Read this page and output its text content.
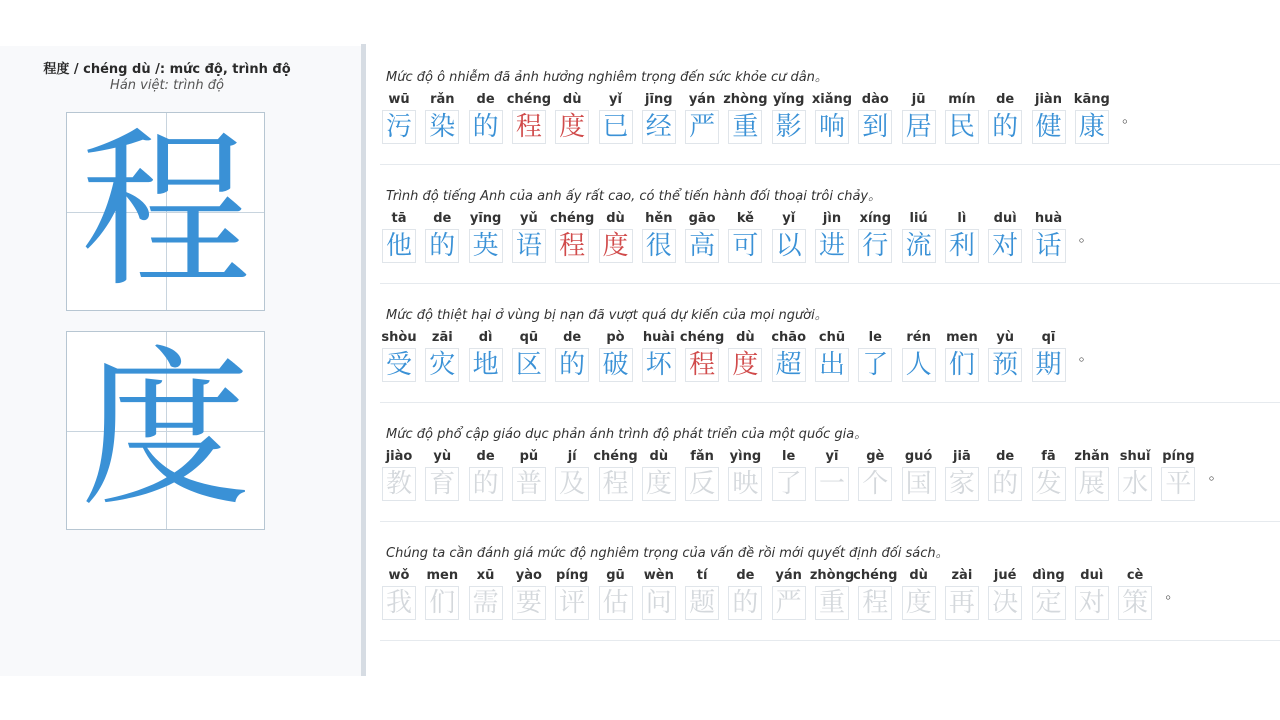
程度 / chéng dù /: mức độ, trình độ
Hán việt: trình độ
程
度
Mức độ ô nhiễm đã ảnh hưởng nghiêm trọng đến sức khỏe cư dân。
wū
污
rǎn
染
de
的
chéng
程
dù
度
yǐ
已
jīng
经
yán
严
zhòng
重
yǐng
影
xiǎng
响
dào
到
jū
居
mín
民
de
的
jiàn
健
kāng
康 。
Trình độ tiếng Anh của anh ấy rất cao, có thể tiến hành đối thoại trôi chảy。
tā
他
de
的
yīng
英
yǔ
语
chéng
程
dù
度
hěn
很
gāo
高
kě
可
yǐ
以
jìn
进
xíng
行
liú
流
lì
利
duì
对
huà
话 。
Mức độ thiệt hại ở vùng bị nạn đã vượt quá dự kiến của mọi người。
shòu
受
zāi
灾
dì
地
qū
区
de
的
pò
破
huài
坏
chéng
程
dù
度
chāo
超
chū
出
le
了
rén
人
men
们
yù
预
qī
期 。
Mức độ phổ cập giáo dục phản ánh trình độ phát triển của một quốc gia。
jiào
教
yù
育
de
的
pǔ
普
jí
及
chéng
程
dù
度
fǎn
反
yìng
映
le
了
yī
一
gè
个
guó
国
jiā
家
de
的
fā
发
zhǎn
展
shuǐ
水
píng
平 。
Chúng ta cần đánh giá mức độ nghiêm trọng của vấn đề rồi mới quyết định đối sách。
wǒ
我
men
们
xū
需
yào
要
píng
评
gū
估
wèn
问
tí
题
de
的
yán
严
zhòng
重
chéng
程
dù
度
zài
再
jué
决
dìng
定
duì
对
cè
策 。
